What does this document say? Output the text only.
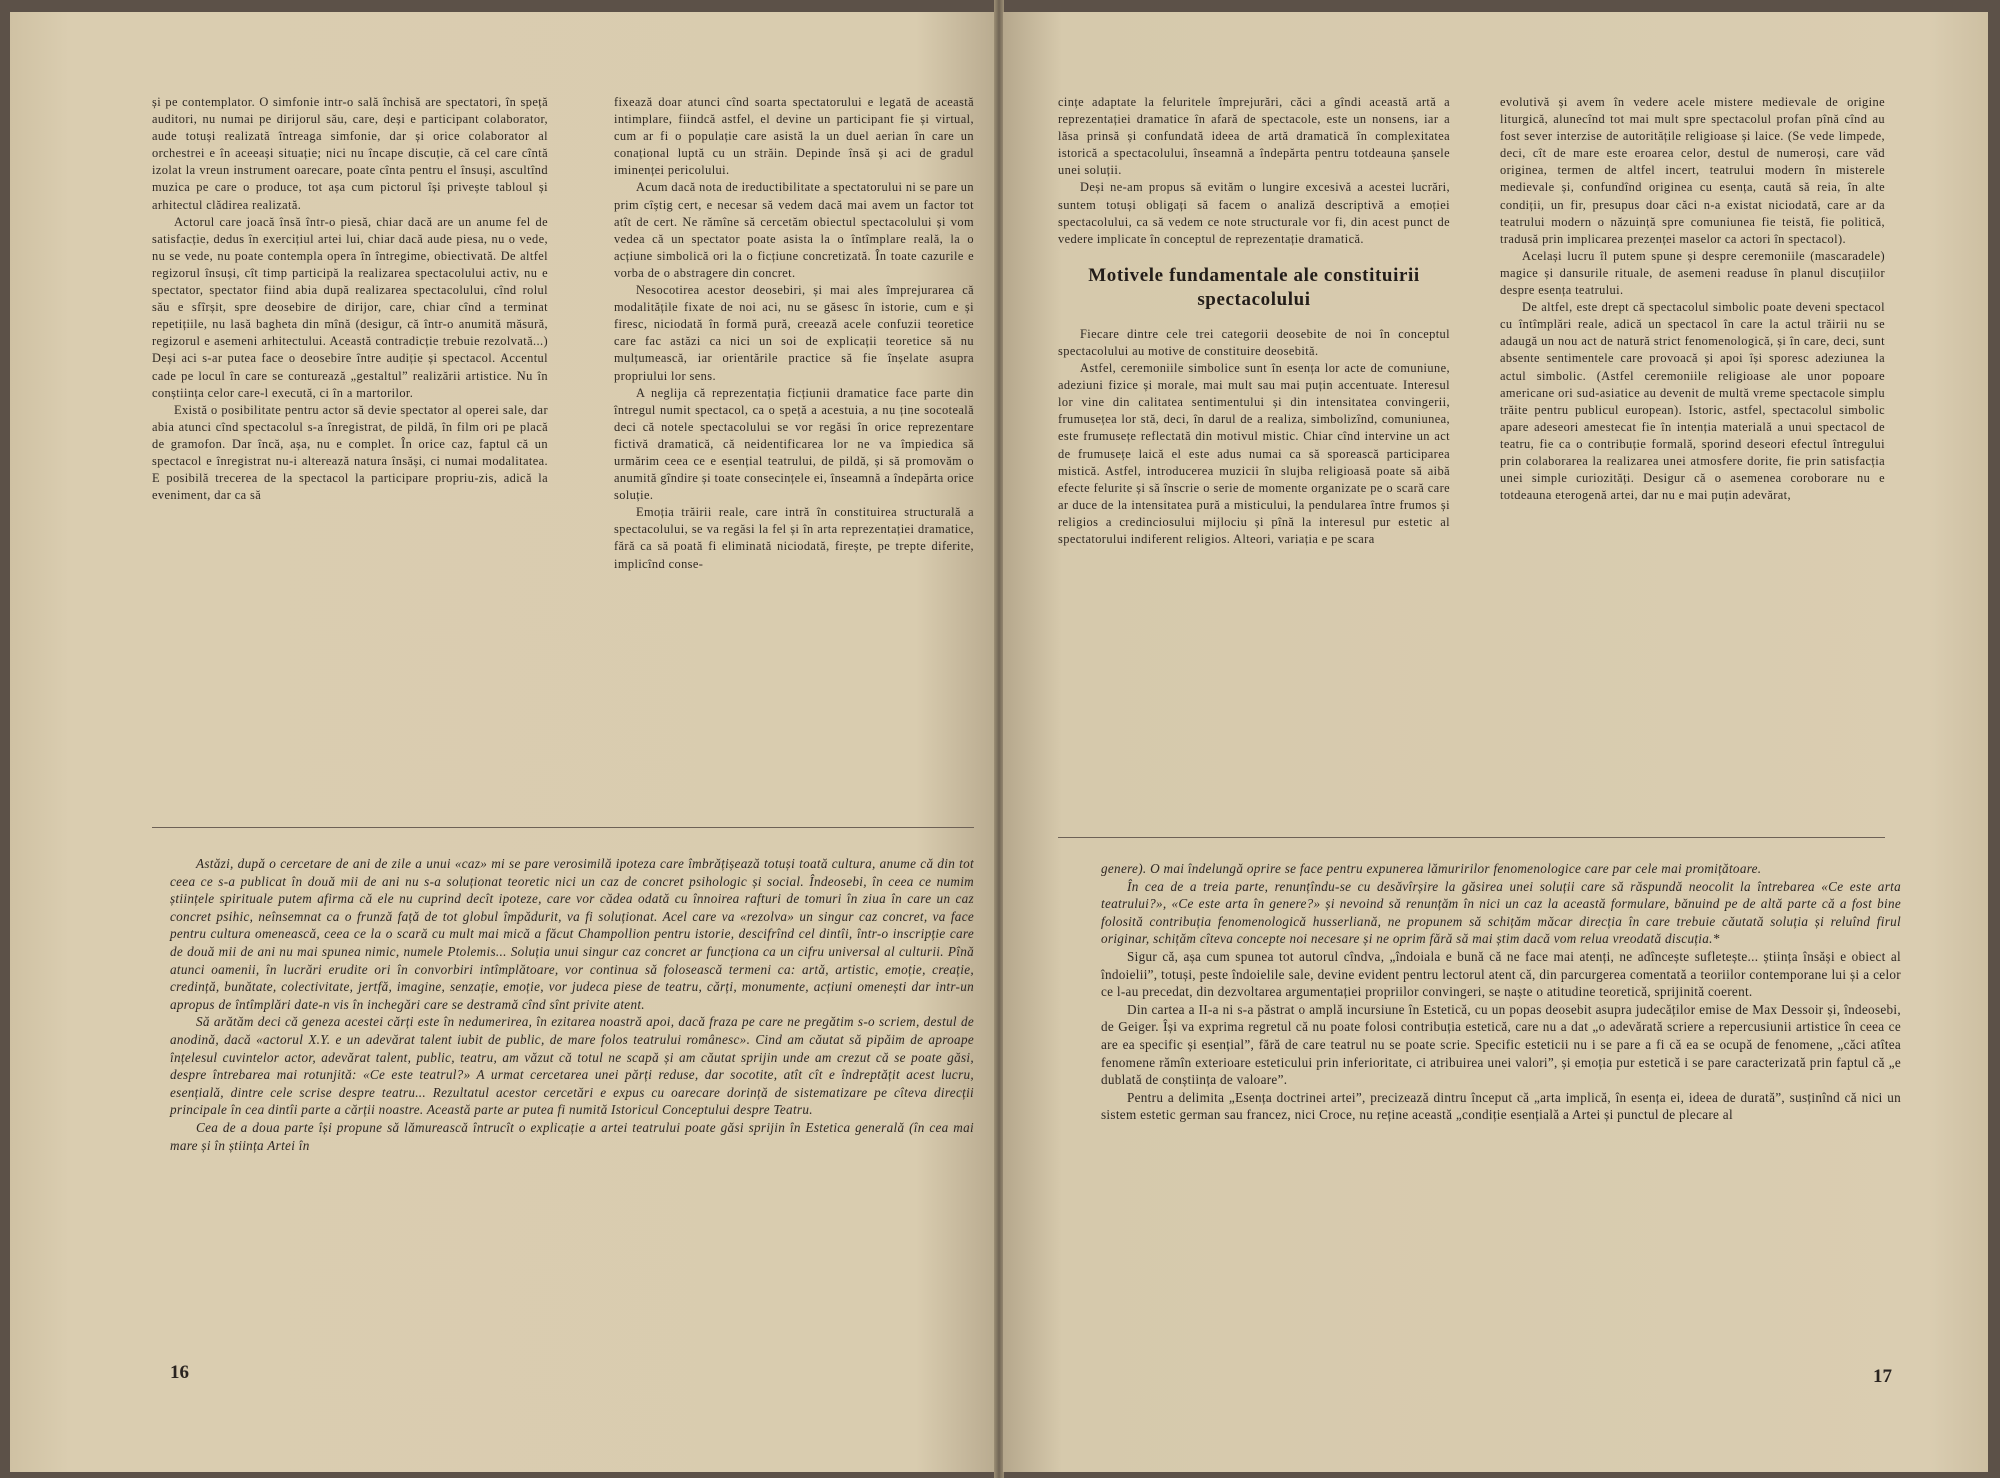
și pe contemplator. O simfonie intr-o sală închisă are spectatori, în speță auditori, nu numai pe dirijorul său, care, deși e participant colaborator, aude totuși realizată întreaga simfonie, dar și orice colaborator al orchestrei e în aceeași situație; nici nu încape discuție, că cel care cîntă izolat la vreun instrument oarecare, poate cînta pentru el însuși, ascultînd muzica pe care o produce, tot așa cum pictorul își privește tabloul și arhitectul clădirea realizată.

Actorul care joacă însă într-o piesă, chiar dacă are un anume fel de satisfacție, dedus în exercițiul artei lui, chiar dacă aude piesa, nu o vede, nu se vede, nu poate contempla opera în întregime, obiectivată. De altfel regizorul însuși, cît timp participă la realizarea spectacolului activ, nu e spectator, spectator fiind abia după realizarea spectacolului, cînd rolul său e sfîrșit, spre deosebire de dirijor, care, chiar cînd a terminat repetițiile, nu lasă bagheta din mînă (desigur, că într-o anumită măsură, regizorul e asemeni arhitectului. Această contradicție trebuie rezolvată...) Deși aci s-ar putea face o deosebire între audiție și spectacol. Accentul cade pe locul în care se conturează „gestaltul” realizării artistice. Nu în conștiința celor care-l execută, ci în a martorilor.

Există o posibilitate pentru actor să devie spectator al operei sale, dar abia atunci cînd spectacolul s-a înregistrat, de pildă, în film ori pe placă de gramofon. Dar încă, așa, nu e complet. În orice caz, faptul că un spectacol e înregistrat nu-i alterează natura însăși, ci numai modalitatea. E posibilă trecerea de la spectacol la participare propriu-zis, adică la eveniment, dar ca să

fixează doar atunci cînd soarta spectatorului e legată de această intimplare, fiindcă astfel, el devine un participant fie și virtual, cum ar fi o populație care asistă la un duel aerian în care un conațional luptă cu un străin. Depinde însă și aci de gradul iminenței pericolului.

Acum dacă nota de ireductibilitate a spectatorului ni se pare un prim cîștig cert, e necesar să vedem dacă mai avem un factor tot atît de cert. Ne rămîne să cercetăm obiectul spectacolului și vom vedea că un spectator poate asista la o întîmplare reală, la o acțiune simbolică ori la o ficțiune concretizată. În toate cazurile e vorba de o abstragere din concret.

Nesocotirea acestor deosebiri, și mai ales împrejurarea că modalitățile fixate de noi aci, nu se găsesc în istorie, cum e și firesc, niciodată în formă pură, creează acele confuzii teoretice care fac astăzi ca nici un soi de explicații teoretice să nu mulțumească, iar orientările practice să fie înșelate asupra propriului lor sens.

A neglija că reprezentația ficțiunii dramatice face parte din întregul numit spectacol, ca o speță a acestuia, a nu ține socoteală deci că notele spectacolului se vor regăsi în orice reprezentare fictivă dramatică, că neidentificarea lor ne va împiedica să urmărim ceea ce e esențial teatrului, de pildă, și să promovăm o anumită gîndire și toate consecințele ei, înseamnă a îndepărta orice soluție.

Emoția trăirii reale, care intră în constituirea structurală a spectacolului, se va regăsi la fel și în arta reprezentației dramatice, fără ca să poată fi eliminată niciodată, firește, pe trepte diferite, implicînd conse-

Astăzi, după o cercetare de ani de zile a unui «caz» mi se pare verosimilă ipoteza care îmbrățișează totuși toată cultura, anume că din tot ceea ce s-a publicat în două mii de ani nu s-a soluționat teoretic nici un caz de concret psihologic și social. Îndeosebi, în ceea ce numim științele spirituale putem afirma că ele nu cuprind decît ipoteze, care vor cădea odată cu înnoirea rafturi de tomuri în ziua în care un caz concret psihic, neînsemnat ca o frunză față de tot globul împădurit, va fi soluționat. Acel care va «rezolva» un singur caz concret, va face pentru cultura omenească, ceea ce la o scară cu mult mai mică a făcut Champollion pentru istorie, descifrînd cel dintîi, într-o inscripție care de două mii de ani nu mai spunea nimic, numele Ptolemis... Soluția unui singur caz concret ar funcționa ca un cifru universal al culturii. Pînă atunci oamenii, în lucrări erudite ori în convorbiri intîmplătoare, vor continua să folosească termeni ca: artă, artistic, emoție, creație, credință, bunătate, colectivitate, jertfă, imagine, senzație, emoție, vor judeca piese de teatru, cărți, monumente, acțiuni omenești dar intr-un apropus de întîmplări date-n vis în inchegări care se destramă cînd sînt privite atent.

Să arătăm deci că geneza acestei cărți este în nedumerirea, în ezitarea noastră apoi, dacă fraza pe care ne pregătim s-o scriem, destul de anodină, dacă «actorul X.Y. e un adevărat talent iubit de public, de mare folos teatrului românesc». Cind am căutat să pipăim de aproape înțelesul cuvintelor actor, adevărat talent, public, teatru, am văzut că totul ne scapă și am căutat sprijin unde am crezut că se poate găsi, despre întrebarea mai rotunjită: «Ce este teatrul?» A urmat cercetarea unei părți reduse, dar socotite, atît cît e îndreptățit acest lucru, esențială, dintre cele scrise despre teatru... Rezultatul acestor cercetări e expus cu oarecare dorință de sistematizare pe cîteva direcții principale în cea dintîi parte a cărții noastre. Această parte ar putea fi numită Istoricul Conceptului despre Teatru.

Cea de a doua parte își propune să lămurească întrucît o explicație a artei teatrului poate găsi sprijin în Estetica generală (în cea mai mare și în știința Artei în

16

cințe adaptate la feluritele împrejurări, căci a gîndi această artă a reprezentației dramatice în afară de spectacole, este un nonsens, iar a lăsa prinsă și confundată ideea de artă dramatică în complexitatea istorică a spectacolului, înseamnă a îndepărta pentru totdeauna șansele unei soluții.

Deși ne-am propus să evităm o lungire excesivă a acestei lucrări, suntem totuși obligați să facem o analiză descriptivă a emoției spectacolului, ca să vedem ce note structurale vor fi, din acest punct de vedere implicate în conceptul de reprezentație dramatică.

Motivele fundamentale ale constituirii spectacolului

Fiecare dintre cele trei categorii deosebite de noi în conceptul spectacolului au motive de constituire deosebită.

Astfel, ceremoniile simbolice sunt în esența lor acte de comuniune, adeziuni fizice și morale, mai mult sau mai puțin accentuate. Interesul lor vine din calitatea sentimentului și din intensitatea convingerii, frumusețea lor stă, deci, în darul de a realiza, simbolizînd, comuniunea, este frumusețe reflectată din motivul mistic. Chiar cînd intervine un act de frumusețe laică el este adus numai ca să sporească participarea mistică. Astfel, introducerea muzicii în slujba religioasă poate să aibă efecte felurite și să înscrie o serie de momente organizate pe o scară care ar duce de la intensitatea pură a misticului, la pendularea între frumos și religios a credinciosului mijlociu și pînă la interesul pur estetic al spectatorului indiferent religios. Alteori, variația e pe scara

evolutivă și avem în vedere acele mistere medievale de origine liturgică, alunecînd tot mai mult spre spectacolul profan pînă cînd au fost sever interzise de autoritățile religioase și laice. (Se vede limpede, deci, cît de mare este eroarea celor, destul de numeroși, care văd originea, termen de altfel incert, teatrului modern în misterele medievale și, confundînd originea cu esența, caută să reia, în alte condiții, un fir, presupus doar căci n-a existat niciodată, care ar da teatrului modern o năzuință spre comuniunea fie teistă, fie politică, tradusă prin implicarea prezenței maselor ca actori în spectacol).

Același lucru îl putem spune și despre ceremoniile (mascaradele) magice și dansurile rituale, de asemeni readuse în planul discuțiilor despre esența teatrului.

De altfel, este drept că spectacolul simbolic poate deveni spectacol cu întîmplări reale, adică un spectacol în care la actul trăirii nu se adaugă un nou act de natură strict fenomenologică, și în care, deci, sunt absente sentimentele care provoacă și apoi își sporesc adeziunea la actul simbolic. (Astfel ceremoniile religioase ale unor popoare americane ori sud-asiatice au devenit de multă vreme spectacole simplu trăite pentru publicul european). Istoric, astfel, spectacolul simbolic apare adeseori amestecat fie în intenția materială a unui spectacol de teatru, fie ca o contribuție formală, sporind deseori efectul întregului prin colaborarea la realizarea unei atmosfere dorite, fie prin satisfacția unei simple curiozități. Desigur că o asemenea coroborare nu e totdeauna eterogenă artei, dar nu e mai puțin adevărat,

genere). O mai îndelungă oprire se face pentru expunerea lămuririlor fenomenologice care par cele mai promițătoare.

În cea de a treia parte, renunțîndu-se cu desăvîrșire la găsirea unei soluții care să răspundă neocolit la întrebarea «Ce este arta teatrului?», «Ce este arta în genere?» și nevoind să renunțăm în nici un caz la această formulare, bănuind pe de altă parte că a fost bine folosită contribuția fenomenologică husserliană, ne propunem să schițăm măcar direcția în care trebuie căutată soluția și reluînd firul originar, schițăm cîteva concepte noi necesare și ne oprim fără să mai știm dacă vom relua vreodată discuția.*

Sigur că, așa cum spunea tot autorul cîndva, „îndoiala e bună că ne face mai atenți, ne adîncește sufletește... știința însăși e obiect al îndoielii”, totuși, peste îndoielile sale, devine evident pentru lectorul atent că, din parcurgerea comentată a teoriilor contemporane lui și a celor ce l-au precedat, din dezvoltarea argumentației propriilor convingeri, se naște o atitudine teoretică, sprijinită coerent.

Din cartea a II-a ni s-a păstrat o amplă incursiune în Estetică, cu un popas deosebit asupra judecăților emise de Max Dessoir și, îndeosebi, de Geiger. Își va exprima regretul că nu poate folosi contribuția estetică, care nu a dat „o adevărată scriere a repercusiunii artistice în ceea ce are ea specific și esențial”, fără de care teatrul nu se poate scrie. Specific esteticii nu i se pare a fi că ea se ocupă de fenomene, „căci atîtea fenomene rămîn exterioare esteticului prin inferioritate, ci atribuirea unei valori”, și emoția pur estetică i se pare caracterizată prin faptul că „e dublată de conștiința de valoare”.

Pentru a delimita „Esența doctrinei artei”, precizează dintru început că „arta implică, în esența ei, ideea de durată”, susținînd că nici un sistem estetic german sau francez, nici Croce, nu reține această „condiție esențială a Artei și punctul de plecare al

17
